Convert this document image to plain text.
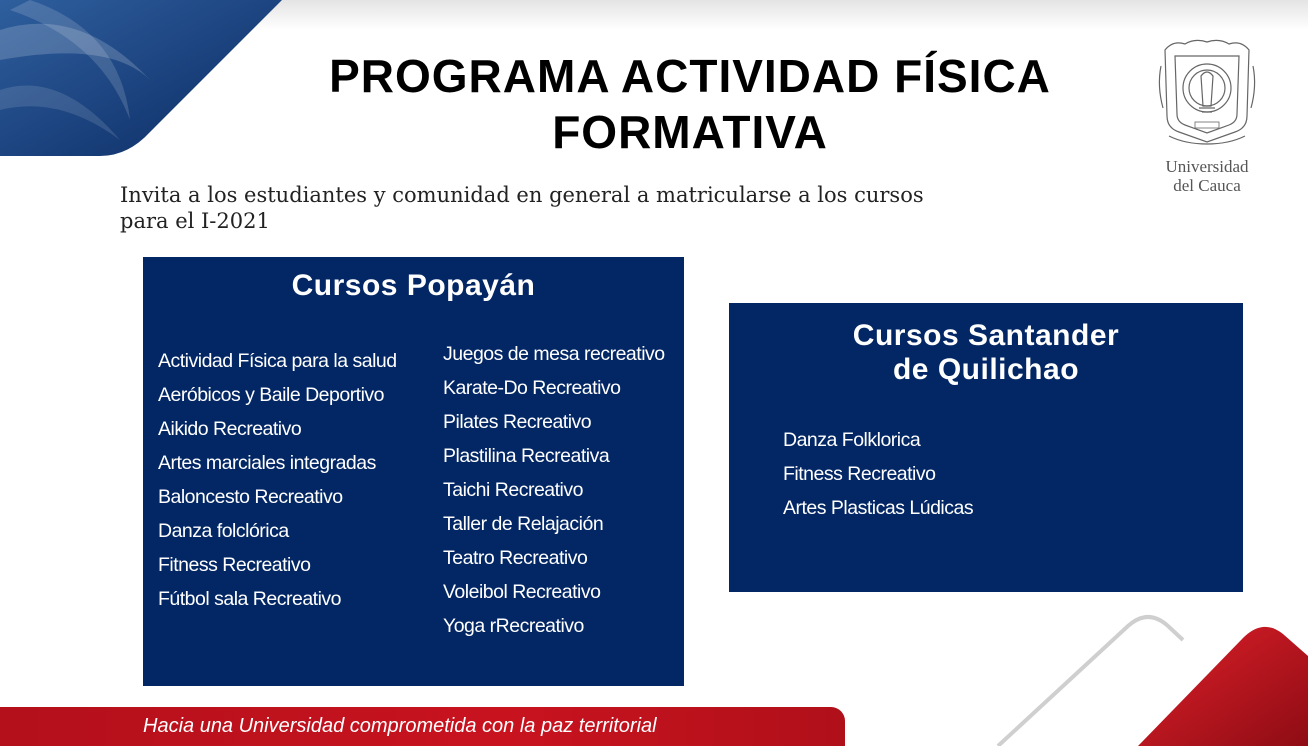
PROGRAMA ACTIVIDAD FÍSICA
FORMATIVA
Invita a los estudiantes y comunidad en general a matricularse a los cursos
para el I-2021
Universidad
del Cauca
Cursos Popayán
Actividad Física para la salud
Aeróbicos y Baile Deportivo
Aikido Recreativo
Artes marciales integradas
Baloncesto Recreativo
Danza folclórica
Fitness Recreativo
Fútbol sala Recreativo
Juegos de mesa recreativo
Karate-Do Recreativo
Pilates Recreativo
Plastilina Recreativa
Taichi Recreativo
Taller de Relajación
Teatro Recreativo
Voleibol Recreativo
Yoga rRecreativo
Cursos Santander
de Quilichao
Danza Folklorica
Fitness Recreativo
Artes Plasticas Lúdicas
Hacia una Universidad comprometida con la paz territorial
